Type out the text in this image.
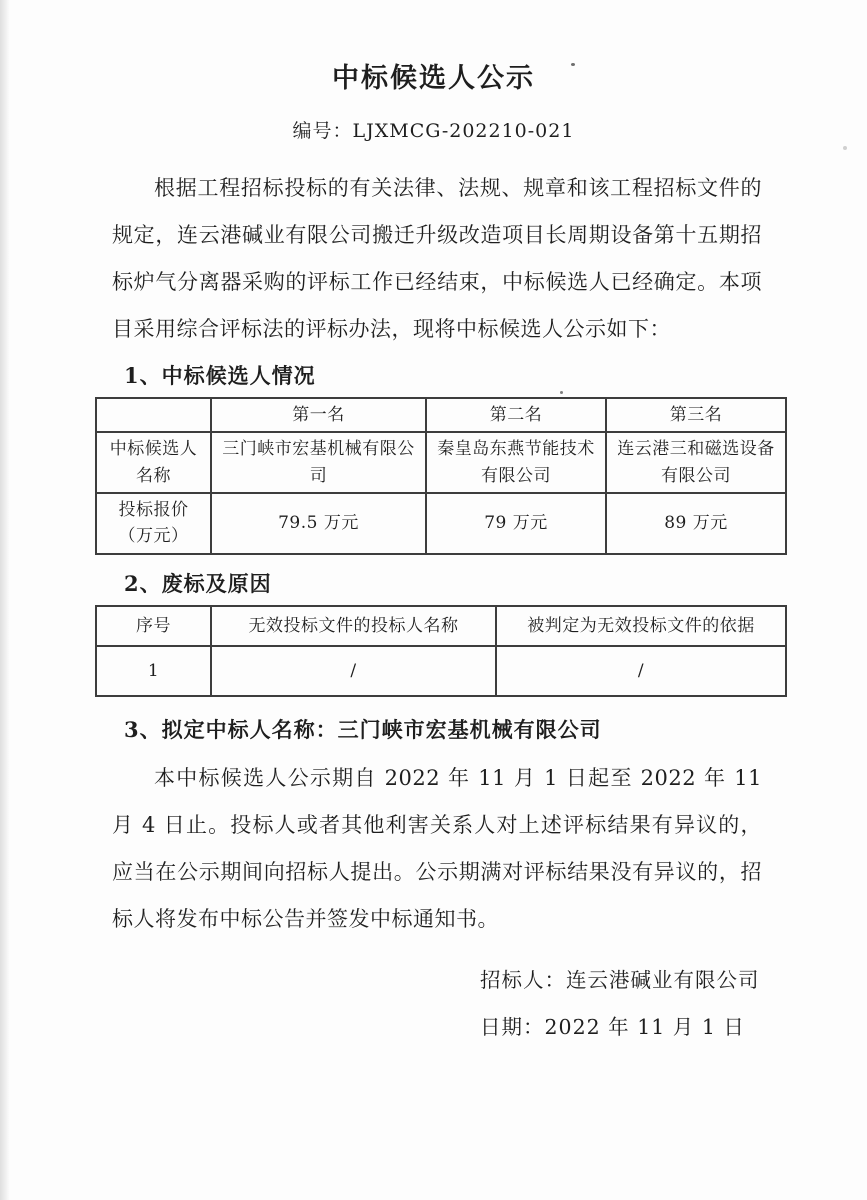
中标候选人公示
编号：LJXMCG-202210-021

根据工程招标投标的有关法律、法规、规章和该工程招标文件的规定，连云港碱业有限公司搬迁升级改造项目长周期设备第十五期招标炉气分离器采购的评标工作已经结束，中标候选人已经确定。本项目采用综合评标法的评标办法，现将中标候选人公示如下：

1、中标候选人情况
	第一名	第二名	第三名
中标候选人名称	三门峡市宏基机械有限公司	秦皇岛东燕节能技术有限公司	连云港三和磁选设备有限公司
投标报价（万元）	79.5 万元	79 万元	89 万元
2、废标及原因
序号	无效投标文件的投标人名称	被判定为无效投标文件的依据
1	/	/
3、拟定中标人名称：三门峡市宏基机械有限公司

本中标候选人公示期自 2022 年 11 月 1 日起至 2022 年 11 月 4 日止。投标人或者其他利害关系人对上述评标结果有异议的，应当在公示期间向招标人提出。公示期满对评标结果没有异议的，招标人将发布中标公告并签发中标通知书。

招标人：连云港碱业有限公司
日期：2022 年 11 月 1 日
